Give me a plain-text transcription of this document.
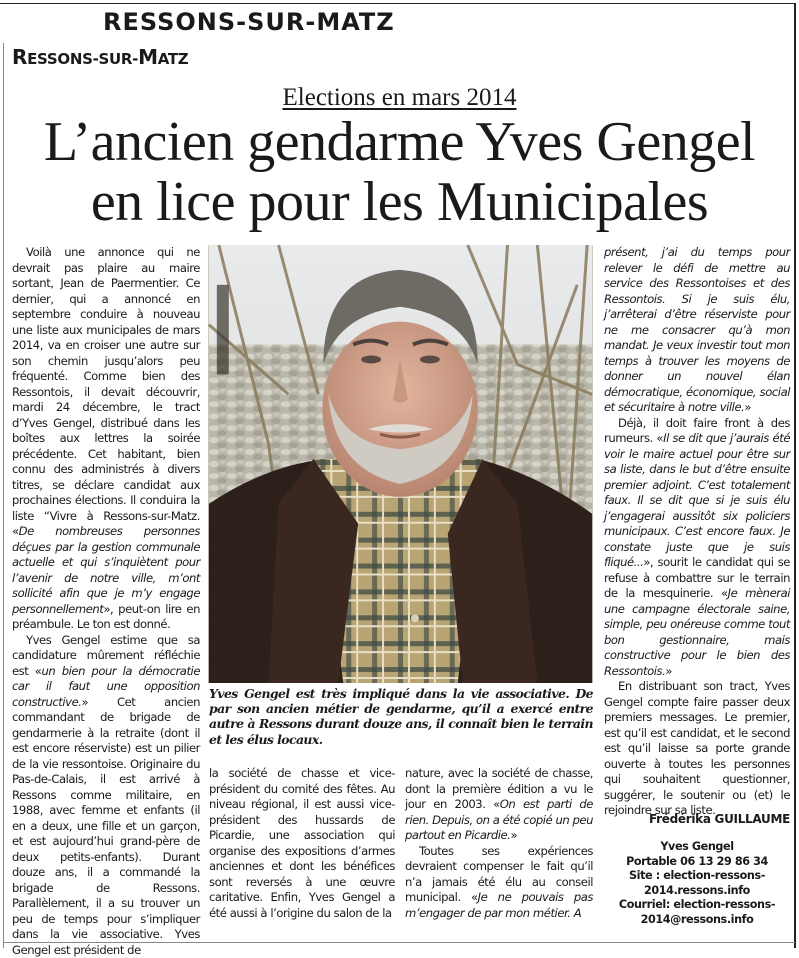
RESSONS-SUR-MATZ
RESSONS-SUR-MATZ
Elections en mars 2014
L’ancien gendarme Yves Gengel
en lice pour les Municipales

Voilà une annonce qui ne devrait pas plaire au maire sortant, Jean de Paermentier. Ce dernier, qui a annoncé en septembre conduire à nouveau une liste aux municipales de mars 2014, va en croiser une autre sur son chemin jusqu’alors peu fréquenté. Comme bien des Ressontois, il devait découvrir, mardi 24 décembre, le tract d’Yves Gengel, distribué dans les boîtes aux lettres la soirée précédente. Cet habitant, bien connu des administrés à divers titres, se déclare candidat aux prochaines élections. Il conduira la liste “Vivre à Ressons-sur-Matz. «De nombreuses personnes déçues par la gestion communale actuelle et qui s’inquiètent pour l’avenir de notre ville, m’ont sollicité afin que je m’y engage personnellement», peut-on lire en préambule. Le ton est donné.

Yves Gengel estime que sa candidature mûrement réfléchie est «un bien pour la démocratie car il faut une opposition constructive.» Cet ancien commandant de brigade de gendarmerie à la retraite (dont il est encore réserviste) est un pilier de la vie ressontoise. Originaire du Pas-de-Calais, il est arrivé à Ressons comme militaire, en 1988, avec femme et enfants (il en a deux, une fille et un garçon, et est aujourd’hui grand-père de deux petits-enfants). Durant douze ans, il a commandé la brigade de Ressons. Parallèlement, il a su trouver un peu de temps pour s’impliquer dans la vie associative. Yves Gengel est président de

Yves Gengel est très impliqué dans la vie associative. De par son ancien métier de gendarme, qu’il a exercé entre autre à Ressons durant douze ans, il connaît bien le terrain et les élus locaux.

la société de chasse et vice-président du comité des fêtes. Au niveau régional, il est aussi vice-président des hussards de Picardie, une association qui organise des expositions d’armes anciennes et dont les bénéfices sont reversés à une œuvre caritative. Enfin, Yves Gengel a été aussi à l’origine du salon de la

nature, avec la société de chasse, dont la première édition a vu le jour en 2003. «On est parti de rien. Depuis, on a été copié un peu partout en Picardie.»

Toutes ses expériences devraient compenser le fait qu’il n’a jamais été élu au conseil municipal. «Je ne pouvais pas m’engager de par mon métier. A

présent, j’ai du temps pour relever le défi de mettre au service des Ressontoises et des Ressontois. Si je suis élu, j’arrêterai d’être réserviste pour ne me consacrer qu’à mon mandat. Je veux investir tout mon temps à trouver les moyens de donner un nouvel élan démocratique, économique, social et sécuritaire à notre ville.»

Déjà, il doit faire front à des rumeurs. «Il se dit que j’aurais été voir le maire actuel pour être sur sa liste, dans le but d’être ensuite premier adjoint. C’est totalement faux. Il se dit que si je suis élu j’engagerai aussitôt six policiers municipaux. C’est encore faux. Je constate juste que je suis fliqué...», sourit le candidat qui se refuse à combattre sur le terrain de la mesquinerie. «Je mènerai une campagne électorale saine, simple, peu onéreuse comme tout bon gestionnaire, mais constructive pour le bien des Ressontois.»

En distribuant son tract, Yves Gengel compte faire passer deux premiers messages. Le premier, est qu’il est candidat, et le second est qu’il laisse sa porte grande ouverte à toutes les personnes qui souhaitent questionner, suggérer, le soutenir ou (et) le rejoindre sur sa liste.

Frédérika GUILLAUME
Yves Gengel
Portable 06 13 29 86 34
Site : election-ressons-
2014.ressons.info
Courriel: election-ressons-
2014@ressons.info
